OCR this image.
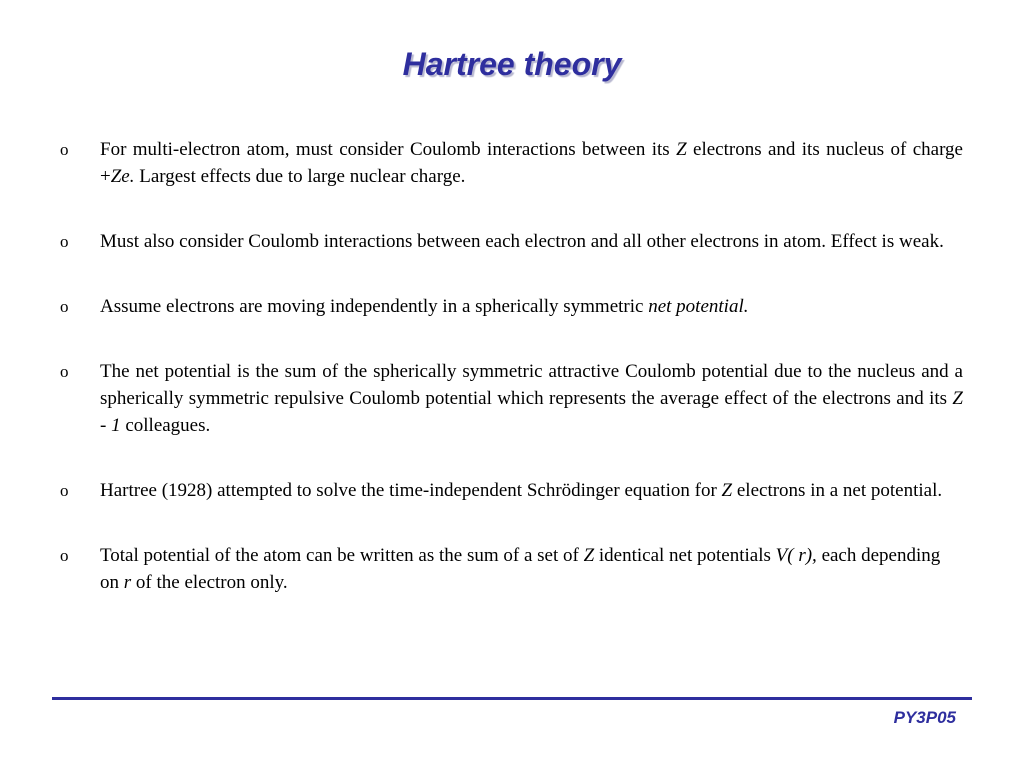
Hartree theory
o For multi-electron atom, must consider Coulomb interactions between its Z electrons and its nucleus of charge +Ze. Largest effects due to large nuclear charge.
o Must also consider Coulomb interactions between each electron and all other electrons in atom. Effect is weak.
o Assume electrons are moving independently in a spherically symmetric net potential.
o The net potential is the sum of the spherically symmetric attractive Coulomb potential due to the nucleus and a spherically symmetric repulsive Coulomb potential which represents the average effect of the electrons and its Z - 1 colleagues.
o Hartree (1928) attempted to solve the time-independent Schrödinger equation for Z electrons in a net potential.
o Total potential of the atom can be written as the sum of a set of Z identical net potentials V( r), each depending on r of the electron only.
PY3P05
